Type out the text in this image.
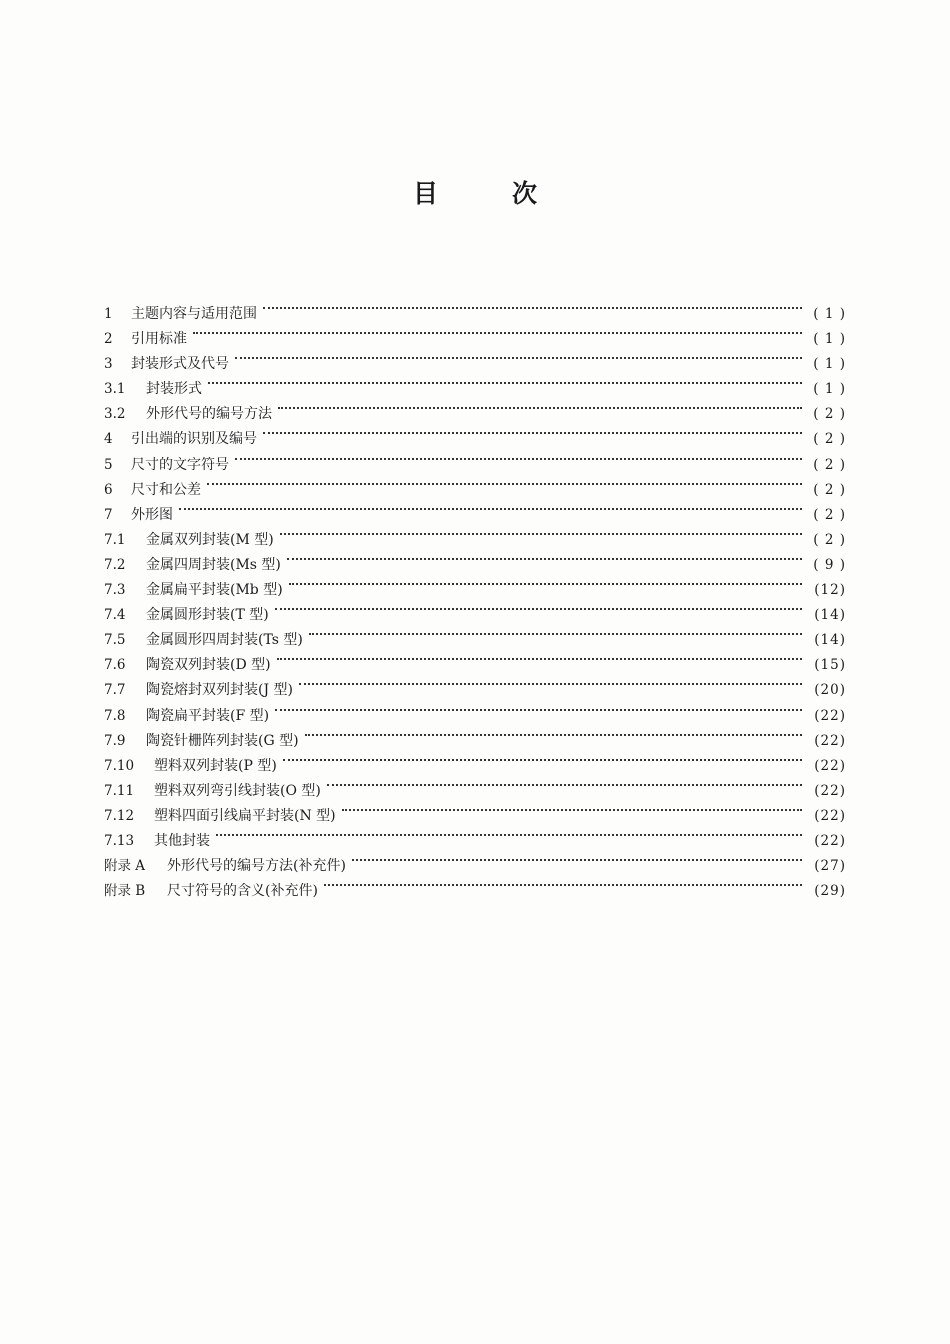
目	次
1	主题内容与适用范围	( 1 )
2	引用标准	( 1 )
3	封装形式及代号	( 1 )
3.1	封装形式	( 1 )
3.2	外形代号的编号方法	( 2 )
4	引出端的识别及编号	( 2 )
5	尺寸的文字符号	( 2 )
6	尺寸和公差	( 2 )
7	外形图	( 2 )
7.1	金属双列封装(M 型)	( 2 )
7.2	金属四周封装(Ms 型)	( 9 )
7.3	金属扁平封装(Mb 型)	(12)
7.4	金属圆形封装(T 型)	(14)
7.5	金属圆形四周封装(Ts 型)	(14)
7.6	陶瓷双列封装(D 型)	(15)
7.7	陶瓷熔封双列封装(J 型)	(20)
7.8	陶瓷扁平封装(F 型)	(22)
7.9	陶瓷针栅阵列封装(G 型)	(22)
7.10	塑料双列封装(P 型)	(22)
7.11	塑料双列弯引线封装(O 型)	(22)
7.12	塑料四面引线扁平封装(N 型)	(22)
7.13	其他封装	(22)
附录 A	外形代号的编号方法(补充件)	(27)
附录 B	尺寸符号的含义(补充件)	(29)
